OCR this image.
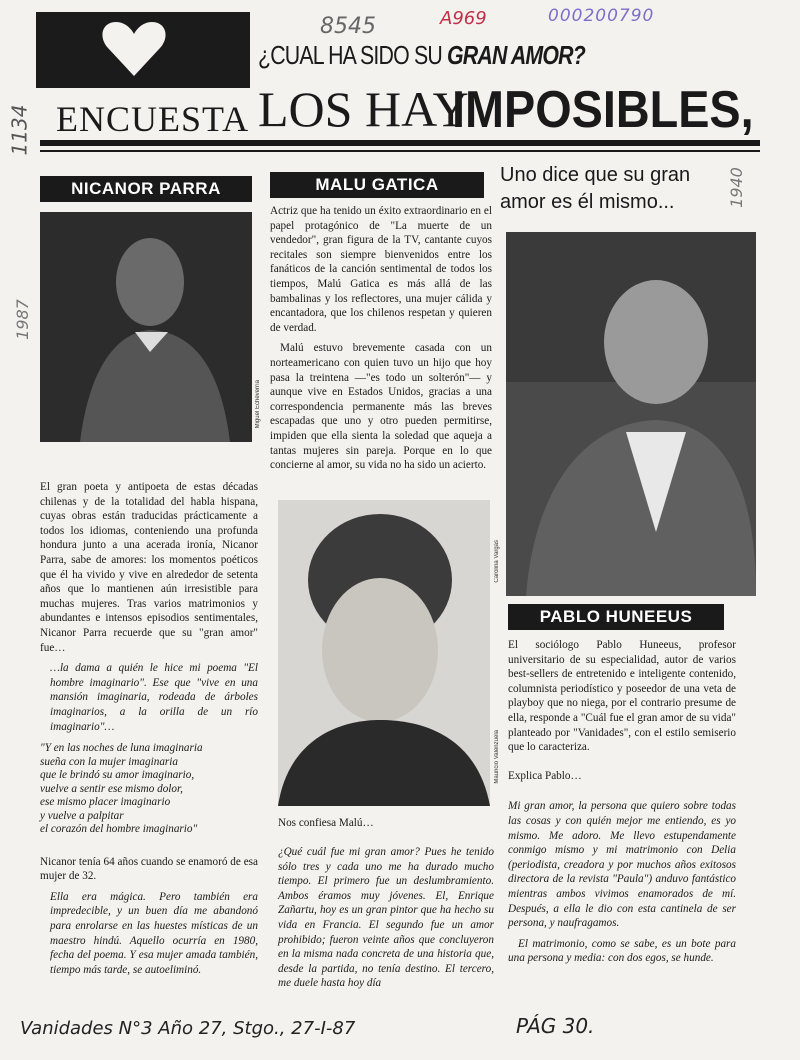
8545	A969	000200790
1134
1987
1940
¿CUAL HA SIDO SU GRAN AMOR?
ENCUESTA LOS HAY
IMPOSIBLES,
NICANOR PARRA
Miguel Echeverría

El gran poeta y antipoeta de estas décadas chilenas y de la totalidad del habla hispana, cuyas obras están traducidas prácticamente a todos los idiomas, conteniendo una profunda hondura junto a una acerada ironía, Nicanor Parra, sabe de amores: los momentos poéticos que él ha vivido y vive en alrededor de setenta años que lo mantienen aún irresistible para muchas mujeres. Tras varios matrimonios y abundantes e intensos episodios sentimentales, Nicanor Parra recuerde que su "gran amor" fue…

…la dama a quién le hice mi poema "El hombre imaginario". Ese que "vive en una mansión imaginaria, rodeada de árboles imaginarios, a la orilla de un río imaginario"…

"Y en las noches de luna imaginaria
sueña con la mujer imaginaria
que le brindó su amor imaginario,
vuelve a sentir ese mismo dolor,
ese mismo placer imaginario
y vuelve a palpitar
el corazón del hombre imaginario"

Nicanor tenía 64 años cuando se enamoró de esa mujer de 32.

Ella era mágica. Pero también era impredecible, y un buen día me abandonó para enrolarse en las huestes místicas de un maestro hindú. Aquello ocurría en 1980, fecha del poema. Y esa mujer amada también, tiempo más tarde, se autoeliminó.

MALU GATICA

Actriz que ha tenido un éxito extraordinario en el papel protagónico de "La muerte de un vendedor", gran figura de la TV, cantante cuyos recitales son siempre bienvenidos entre los fanáticos de la canción sentimental de todos los tiempos, Malú Gatica es más allá de las bambalinas y los reflectores, una mujer cálida y encantadora, que los chilenos respetan y quieren de verdad.

Malú estuvo brevemente casada con un norteamericano con quien tuvo un hijo que hoy pasa la treintena —"es todo un solterón"— y aunque vive en Estados Unidos, gracias a una correspondencia permanente más las breves escapadas que uno y otro pueden permitirse, impiden que ella sienta la soledad que aqueja a tantas mujeres sin pareja. Porque en lo que concierne al amor, su vida no ha sido un acierto.

Mauricio Valenzuela
Nos confiesa Malú…
¿Qué cuál fue mi gran amor? Pues he tenido sólo tres y cada uno me ha durado mucho tiempo. El primero fue un deslumbramiento. Ambos éramos muy jóvenes. El, Enrique Zañartu, hoy es un gran pintor que ha hecho su vida en Francia. El segundo fue un amor prohibido; fueron veinte años que concluyeron en la misma nada concreta de una historia que, desde la partida, no tenía destino. El tercero, me duele hasta hoy día
Uno dice que su gran amor es él mismo...
Carolina Vargas
PABLO HUNEEUS

El sociólogo Pablo Huneeus, profesor universitario de su especialidad, autor de varios best-sellers de entretenido e inteligente contenido, columnista periodístico y poseedor de una veta de playboy que no niega, por el contrario presume de ella, responde a "Cuál fue el gran amor de su vida" planteado por "Vanidades", con el estilo semiserio que lo caracteriza.

Explica Pablo…

Mi gran amor, la persona que quiero sobre todas las cosas y con quién mejor me entiendo, es yo mismo. Me adoro. Me llevo estupendamente conmigo mismo y mi matrimonio con Delia (periodista, creadora y por muchos años exitosos directora de la revista "Paula") anduvo fantástico mientras ambos vivimos enamorados de mí. Después, a ella le dio con esta cantinela de ser persona, y naufragamos.

El matrimonio, como se sabe, es un bote para una persona y media: con dos egos, se hunde.

Vanidades N°3 Año 27, Stgo., 27-I-87	PÁG 30.
